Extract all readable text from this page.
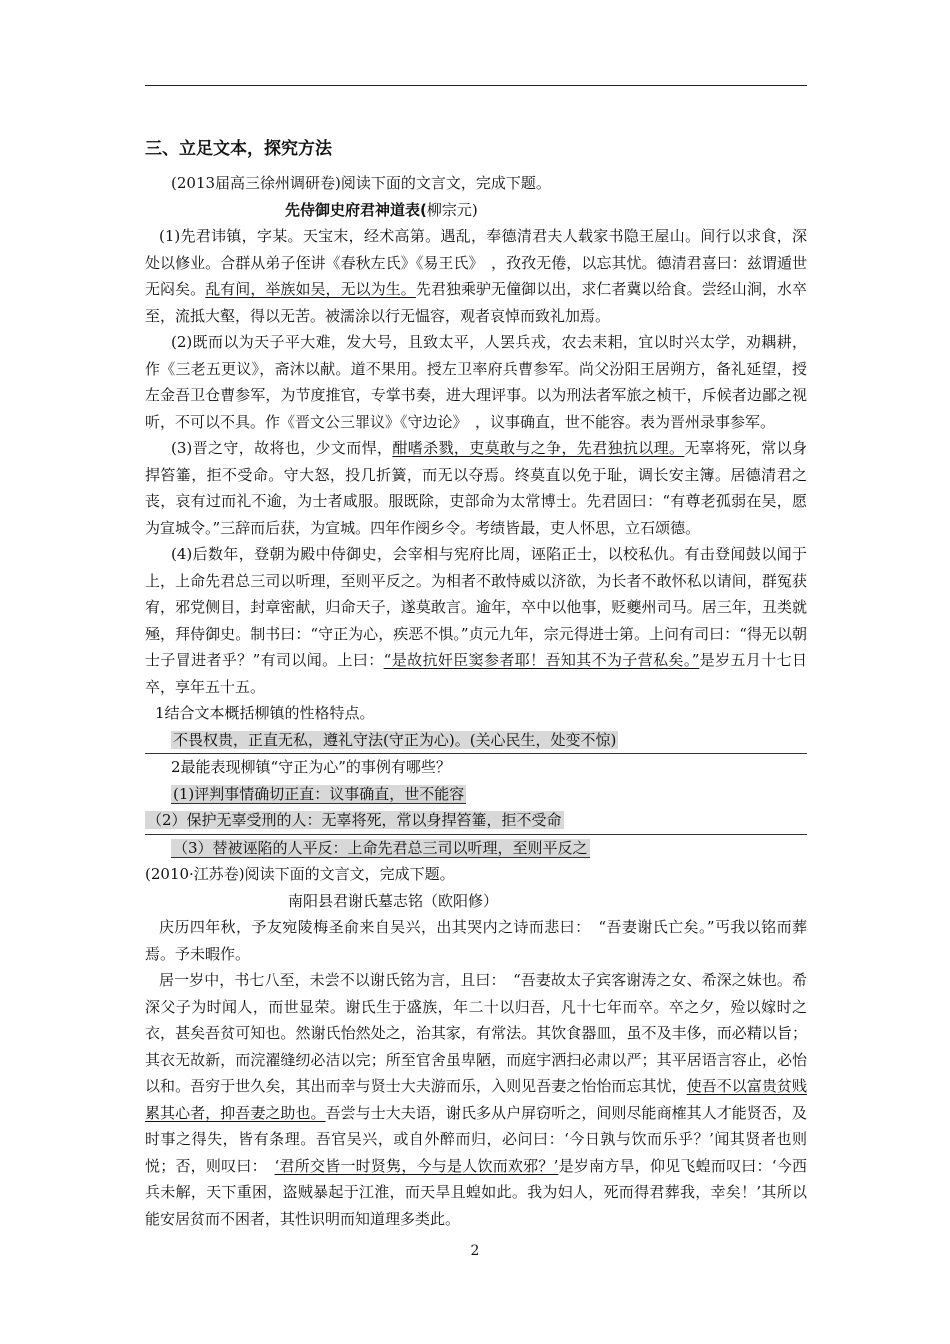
三、立足文本，探究方法

(2013届高三徐州调研卷)阅读下面的文言文，完成下题。

先侍御史府君神道表(柳宗元)

(1)先君讳镇，字某。天宝末，经术高第。遇乱，奉德清君夫人载家书隐王屋山。间行以求食，深处以修业。合群从弟子侄讲《春秋左氏》《易王氏》　，孜孜无倦，以忘其忧。德清君喜曰：兹谓遁世无闷矣。乱有间，举族如吴，无以为生。先君独乘驴无僮御以出，求仁者冀以给食。尝经山涧，水卒至，流抵大壑，得以无苦。被濡涂以行无愠容，观者哀悼而致礼加焉。

(2)既而以为天子平大难，发大号，且致太平，人罢兵戎，农去耒耜，宜以时兴太学，劝耦耕，作《三老五更议》，斋沐以献。道不果用。授左卫率府兵曹参军。尚父汾阳王居朔方，备礼延望，授左金吾卫仓曹参军，为节度推官，专掌书奏，进大理评事。以为刑法者军旅之桢干，斥候者边鄙之视听，不可以不具。作《晋文公三罪议》《守边论》　，议事确直，世不能容。表为晋州录事参军。

(3)晋之守，故将也，少文而悍，酣嗜杀戮，吏莫敢与之争，先君独抗以理。无辜将死，常以身捍笞箠，拒不受命。守大怒，投几折簧，而无以夺焉。终莫直以免于耻，调长安主簿。居德清君之丧，哀有过而礼不逾，为士者咸服。服既除，吏部命为太常博士。先君固曰：“有尊老孤弱在吴，愿为宣城令。”三辞而后获，为宣城。四年作阌乡令。考绩皆最，吏人怀思，立石颂德。

(4)后数年，登朝为殿中侍御史，会宰相与宪府比周，诬陷正士，以校私仇。有击登闻鼓以闻于上，上命先君总三司以听理，至则平反之。为相者不敢恃威以济欲，为长者不敢怀私以请间，群冤获宥，邪党侧目，封章密献，归命天子，遂莫敢言。逾年，卒中以他事，贬夔州司马。居三年，丑类就殛，拜侍御史。制书曰：“守正为心，疾恶不惧。”贞元九年，宗元得进士第。上问有司曰：“得无以朝士子冒进者乎？”有司以闻。上曰：“是故抗奸臣窦参者耶！吾知其不为子营私矣。”是岁五月十七日卒，享年五十五。

1结合文本概括柳镇的性格特点。

不畏权贵，正直无私，遵礼守法(守正为心)。(关心民生，处变不惊)

2最能表现柳镇“守正为心”的事例有哪些？

(1)评判事情确切正直：议事确直，世不能容

（2）保护无辜受刑的人：无辜将死，常以身捍笞箠，拒不受命

（3）替被诬陷的人平反：上命先君总三司以听理，至则平反之

(2010·江苏卷)阅读下面的文言文，完成下题。

南阳县君谢氏墓志铭（欧阳修）

庆历四年秋，予友宛陵梅圣俞来自吴兴，出其哭内之诗而悲曰：　“吾妻谢氏亡矣。”丐我以铭而葬焉。予未暇作。

居一岁中，书七八至，未尝不以谢氏铭为言，且曰：　“吾妻故太子宾客谢涛之女、希深之妹也。希深父子为时闻人，而世显荣。谢氏生于盛族，年二十以归吾，凡十七年而卒。卒之夕，殓以嫁时之衣，甚矣吾贫可知也。然谢氏怡然处之，治其家，有常法。其饮食器皿，虽不及丰侈，而必精以旨；其衣无故新，而浣濯缝纫必洁以完；所至官舍虽卑陋，而庭宇洒扫必肃以严；其平居语言容止，必怡以和。吾穷于世久矣，其出而幸与贤士大夫游而乐，入则见吾妻之怡怡而忘其忧，使吾不以富贵贫贱累其心者，抑吾妻之助也。吾尝与士大夫语，谢氏多从户屏窃听之，间则尽能商榷其人才能贤否，及时事之得失，皆有条理。吾官吴兴，或自外醉而归，必问曰：‘今日孰与饮而乐乎？’闻其贤者也则悦；否，则叹曰：　‘君所交皆一时贤隽，今与是人饮而欢邪？’是岁南方旱，仰见飞蝗而叹曰：‘今西兵未解，天下重困，盗贼暴起于江淮，而天旱且蝗如此。我为妇人，死而得君葬我，幸矣！’其所以能安居贫而不困者，其性识明而知道理多类此。

2
